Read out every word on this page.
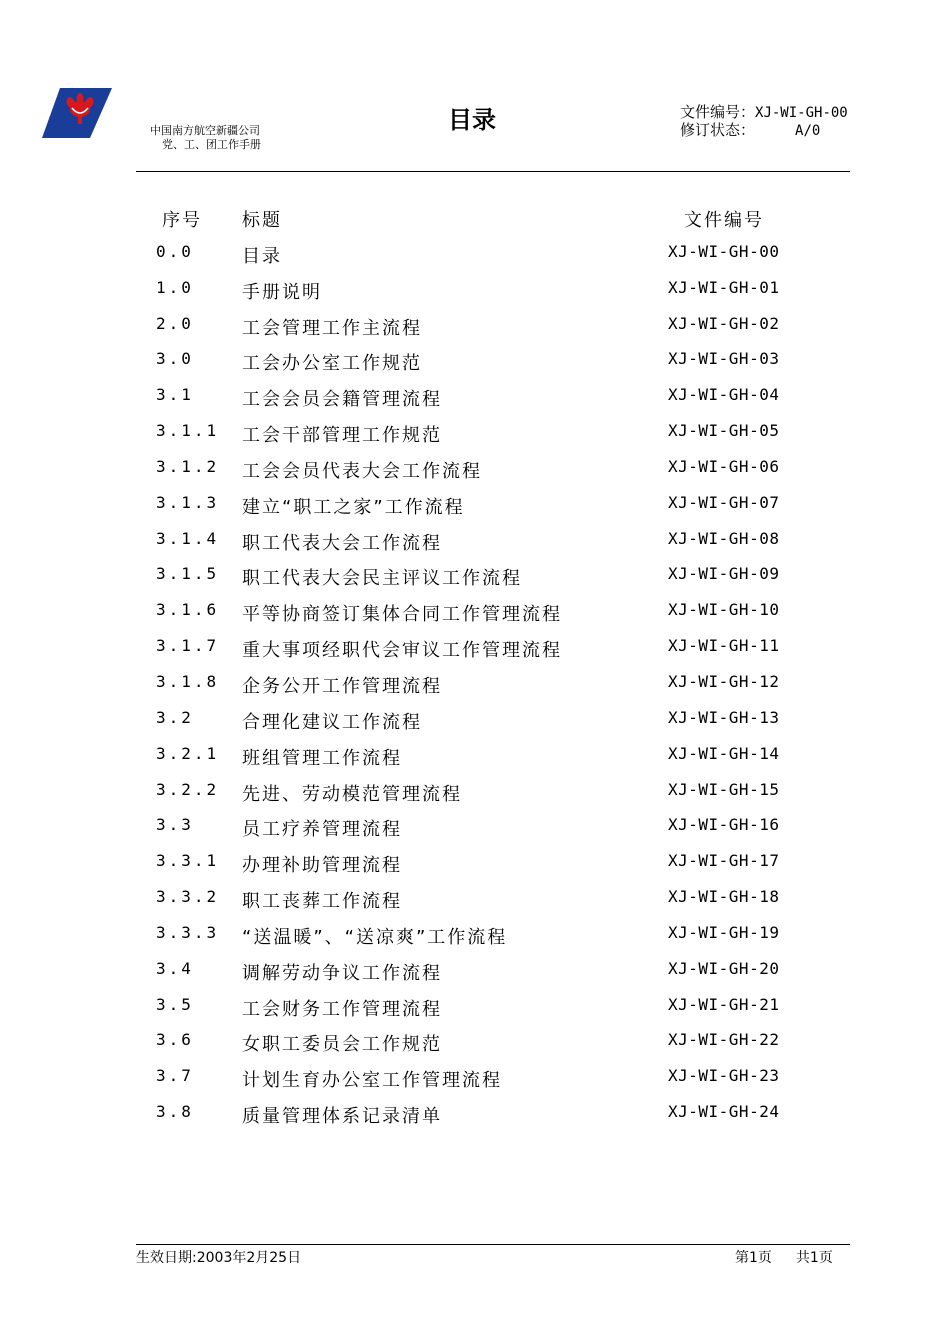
中国南方航空新疆公司
党、工、团工作手册
目录	文件编号：XJ-WI-GH-00
修订状态：	A/0
序号 标题	文件编号
0.0	目录	XJ-WI-GH-00
1.0	手册说明	XJ-WI-GH-01
2.0	工会管理工作主流程	XJ-WI-GH-02
3.0	工会办公室工作规范	XJ-WI-GH-03
3.1	工会会员会籍管理流程	XJ-WI-GH-04
3.1.1 工会干部管理工作规范	XJ-WI-GH-05
3.1.2 工会会员代表大会工作流程	XJ-WI-GH-06
3.1.3 建立“职工之家”工作流程	XJ-WI-GH-07
3.1.4 职工代表大会工作流程	XJ-WI-GH-08
3.1.5 职工代表大会民主评议工作流程	XJ-WI-GH-09
3.1.6 平等协商签订集体合同工作管理流程	XJ-WI-GH-10
3.1.7 重大事项经职代会审议工作管理流程	XJ-WI-GH-11
3.1.8 企务公开工作管理流程	XJ-WI-GH-12
3.2	合理化建议工作流程	XJ-WI-GH-13
3.2.1 班组管理工作流程	XJ-WI-GH-14
3.2.2 先进、劳动模范管理流程	XJ-WI-GH-15
3.3	员工疗养管理流程	XJ-WI-GH-16
3.3.1 办理补助管理流程	XJ-WI-GH-17
3.3.2 职工丧葬工作流程	XJ-WI-GH-18
3.3.3 “送温暖”、“送凉爽”工作流程	XJ-WI-GH-19
3.4	调解劳动争议工作流程	XJ-WI-GH-20
3.5	工会财务工作管理流程	XJ-WI-GH-21
3.6	女职工委员会工作规范	XJ-WI-GH-22
3.7	计划生育办公室工作管理流程	XJ-WI-GH-23
3.8	质量管理体系记录清单	XJ-WI-GH-24
生效日期:2003年2月25日	第1页 共1页
